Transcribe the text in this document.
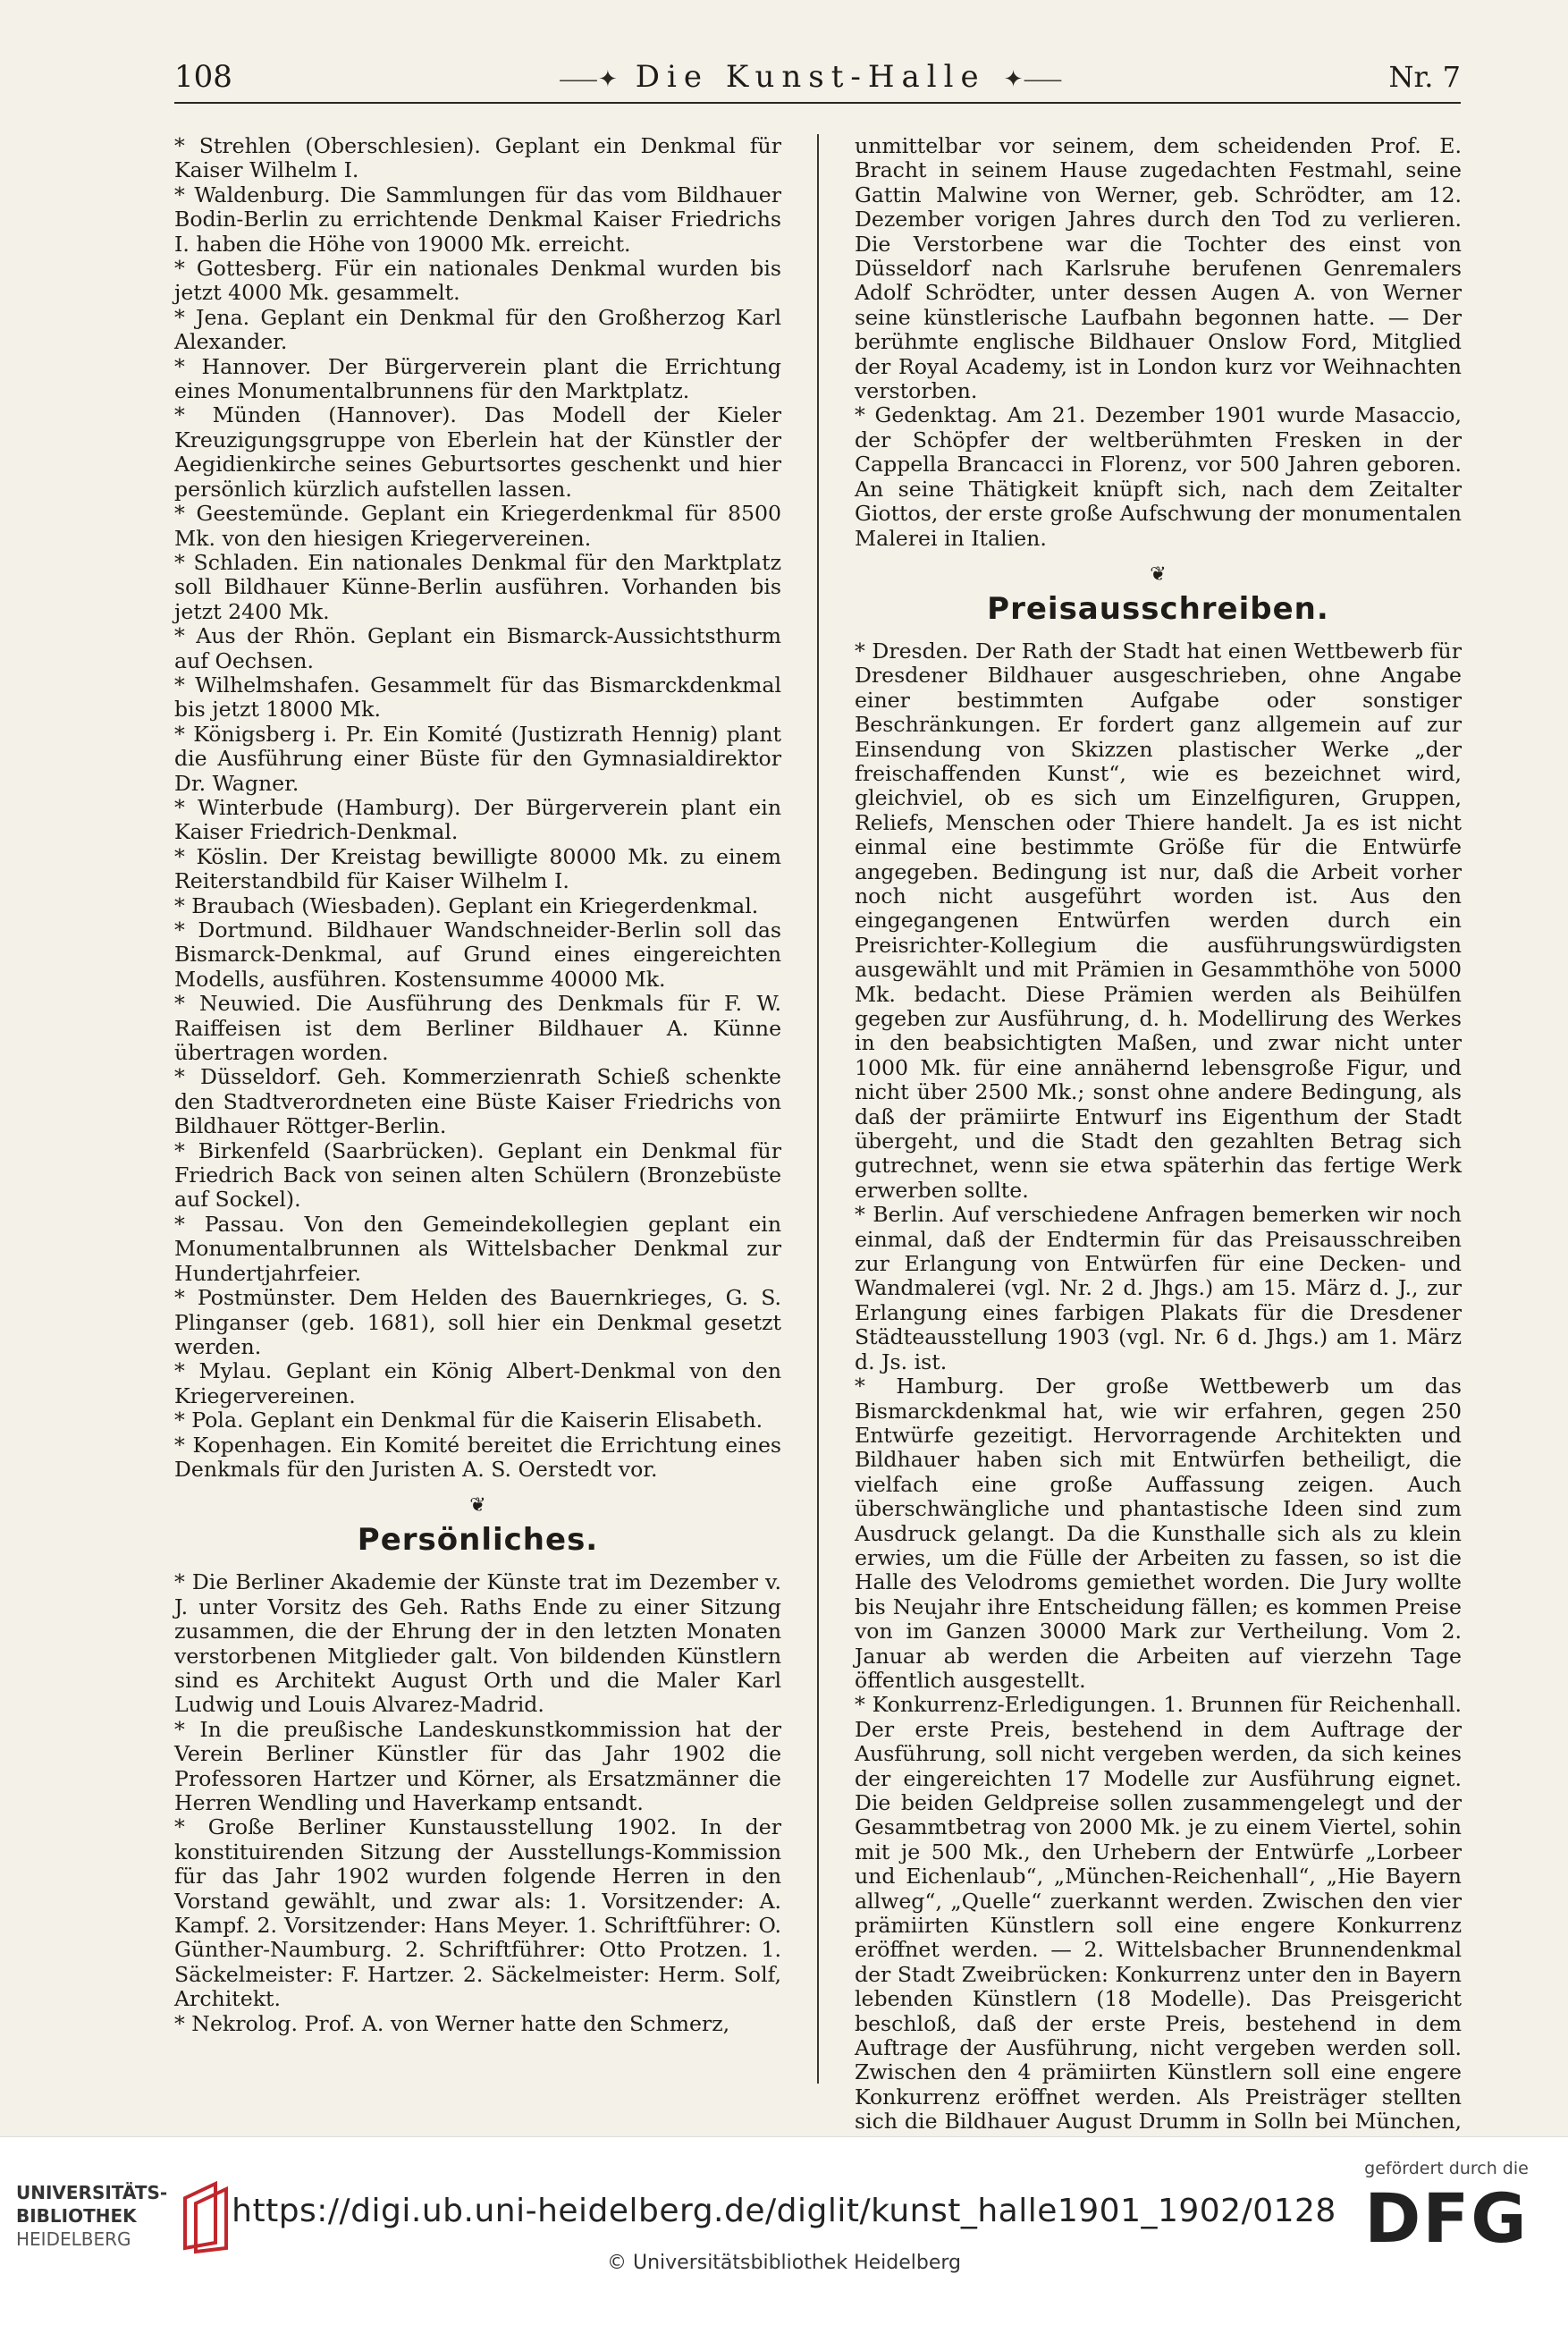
108	⸺✦ Die Kunst-Halle ✦⸺	Nr. 7

* Strehlen (Oberschlesien). Geplant ein Denkmal für Kaiser Wilhelm I.

* Waldenburg. Die Sammlungen für das vom Bildhauer Bodin-Berlin zu errichtende Denkmal Kaiser Friedrichs I. haben die Höhe von 19000 Mk. erreicht.

* Gottesberg. Für ein nationales Denkmal wurden bis jetzt 4000 Mk. gesammelt.

* Jena. Geplant ein Denkmal für den Großherzog Karl Alexander.

* Hannover. Der Bürgerverein plant die Errichtung eines Monumentalbrunnens für den Marktplatz.

* Münden (Hannover). Das Modell der Kieler Kreuzigungsgruppe von Eberlein hat der Künstler der Aegidienkirche seines Geburtsortes geschenkt und hier persönlich kürzlich aufstellen lassen.

* Geestemünde. Geplant ein Kriegerdenkmal für 8500 Mk. von den hiesigen Kriegervereinen.

* Schladen. Ein nationales Denkmal für den Marktplatz soll Bildhauer Künne-Berlin ausführen. Vorhanden bis jetzt 2400 Mk.

* Aus der Rhön. Geplant ein Bismarck-Aussichtsthurm auf Oechsen.

* Wilhelmshafen. Gesammelt für das Bismarckdenkmal bis jetzt 18000 Mk.

* Königsberg i. Pr. Ein Komité (Justizrath Hennig) plant die Ausführung einer Büste für den Gymnasialdirektor Dr. Wagner.

* Winterbude (Hamburg). Der Bürgerverein plant ein Kaiser Friedrich-Denkmal.

* Köslin. Der Kreistag bewilligte 80000 Mk. zu einem Reiterstandbild für Kaiser Wilhelm I.

* Braubach (Wiesbaden). Geplant ein Kriegerdenkmal.

* Dortmund. Bildhauer Wandschneider-Berlin soll das Bismarck-Denkmal, auf Grund eines eingereichten Modells, ausführen. Kostensumme 40000 Mk.

* Neuwied. Die Ausführung des Denkmals für F. W. Raiffeisen ist dem Berliner Bildhauer A. Künne übertragen worden.

* Düsseldorf. Geh. Kommerzienrath Schieß schenkte den Stadtverordneten eine Büste Kaiser Friedrichs von Bildhauer Röttger-Berlin.

* Birkenfeld (Saarbrücken). Geplant ein Denkmal für Friedrich Back von seinen alten Schülern (Bronzebüste auf Sockel).

* Passau. Von den Gemeindekollegien geplant ein Monumentalbrunnen als Wittelsbacher Denkmal zur Hundertjahrfeier.

* Postmünster. Dem Helden des Bauernkrieges, G. S. Plinganser (geb. 1681), soll hier ein Denkmal gesetzt werden.

* Mylau. Geplant ein König Albert-Denkmal von den Kriegervereinen.

* Pola. Geplant ein Denkmal für die Kaiserin Elisabeth.

* Kopenhagen. Ein Komité bereitet die Errichtung eines Denkmals für den Juristen A. S. Oerstedt vor.

❦
Persönliches.

* Die Berliner Akademie der Künste trat im Dezember v. J. unter Vorsitz des Geh. Raths Ende zu einer Sitzung zusammen, die der Ehrung der in den letzten Monaten verstorbenen Mitglieder galt. Von bildenden Künstlern sind es Architekt August Orth und die Maler Karl Ludwig und Louis Alvarez-Madrid.

* In die preußische Landeskunstkommission hat der Verein Berliner Künstler für das Jahr 1902 die Professoren Hartzer und Körner, als Ersatzmänner die Herren Wendling und Haverkamp entsandt.

* Große Berliner Kunstausstellung 1902. In der konstituirenden Sitzung der Ausstellungs-Kommission für das Jahr 1902 wurden folgende Herren in den Vorstand gewählt, und zwar als: 1. Vorsitzender: A. Kampf. 2. Vorsitzender: Hans Meyer. 1. Schriftführer: O. Günther-Naumburg. 2. Schriftführer: Otto Protzen. 1. Säckelmeister: F. Hartzer. 2. Säckelmeister: Herm. Solf, Architekt.

* Nekrolog. Prof. A. von Werner hatte den Schmerz,

unmittelbar vor seinem, dem scheidenden Prof. E. Bracht in seinem Hause zugedachten Festmahl, seine Gattin Malwine von Werner, geb. Schrödter, am 12. Dezember vorigen Jahres durch den Tod zu verlieren. Die Verstorbene war die Tochter des einst von Düsseldorf nach Karlsruhe berufenen Genremalers Adolf Schrödter, unter dessen Augen A. von Werner seine künstlerische Laufbahn begonnen hatte. — Der berühmte englische Bildhauer Onslow Ford, Mitglied der Royal Academy, ist in London kurz vor Weihnachten verstorben.

* Gedenktag. Am 21. Dezember 1901 wurde Masaccio, der Schöpfer der weltberühmten Fresken in der Cappella Brancacci in Florenz, vor 500 Jahren geboren. An seine Thätigkeit knüpft sich, nach dem Zeitalter Giottos, der erste große Aufschwung der monumentalen Malerei in Italien.

❦
Preisausschreiben.

* Dresden. Der Rath der Stadt hat einen Wettbewerb für Dresdener Bildhauer ausgeschrieben, ohne Angabe einer bestimmten Aufgabe oder sonstiger Beschränkungen. Er fordert ganz allgemein auf zur Einsendung von Skizzen plastischer Werke „der freischaffenden Kunst“, wie es bezeichnet wird, gleichviel, ob es sich um Einzelfiguren, Gruppen, Reliefs, Menschen oder Thiere handelt. Ja es ist nicht einmal eine bestimmte Größe für die Entwürfe angegeben. Bedingung ist nur, daß die Arbeit vorher noch nicht ausgeführt worden ist. Aus den eingegangenen Entwürfen werden durch ein Preisrichter-Kollegium die ausführungswürdigsten ausgewählt und mit Prämien in Gesammthöhe von 5000 Mk. bedacht. Diese Prämien werden als Beihülfen gegeben zur Ausführung, d. h. Modellirung des Werkes in den beabsichtigten Maßen, und zwar nicht unter 1000 Mk. für eine annähernd lebensgroße Figur, und nicht über 2500 Mk.; sonst ohne andere Bedingung, als daß der prämiirte Entwurf ins Eigenthum der Stadt übergeht, und die Stadt den gezahlten Betrag sich gutrechnet, wenn sie etwa späterhin das fertige Werk erwerben sollte.

* Berlin. Auf verschiedene Anfragen bemerken wir noch einmal, daß der Endtermin für das Preisausschreiben zur Erlangung von Entwürfen für eine Decken- und Wandmalerei (vgl. Nr. 2 d. Jhgs.) am 15. März d. J., zur Erlangung eines farbigen Plakats für die Dresdener Städteausstellung 1903 (vgl. Nr. 6 d. Jhgs.) am 1. März d. Js. ist.

* Hamburg. Der große Wettbewerb um das Bismarckdenkmal hat, wie wir erfahren, gegen 250 Entwürfe gezeitigt. Hervorragende Architekten und Bildhauer haben sich mit Entwürfen betheiligt, die vielfach eine große Auffassung zeigen. Auch überschwängliche und phantastische Ideen sind zum Ausdruck gelangt. Da die Kunsthalle sich als zu klein erwies, um die Fülle der Arbeiten zu fassen, so ist die Halle des Velodroms gemiethet worden. Die Jury wollte bis Neujahr ihre Entscheidung fällen; es kommen Preise von im Ganzen 30000 Mark zur Vertheilung. Vom 2. Januar ab werden die Arbeiten auf vierzehn Tage öffentlich ausgestellt.

* Konkurrenz-Erledigungen. 1. Brunnen für Reichenhall. Der erste Preis, bestehend in dem Auftrage der Ausführung, soll nicht vergeben werden, da sich keines der eingereichten 17 Modelle zur Ausführung eignet. Die beiden Geldpreise sollen zusammengelegt und der Gesammtbetrag von 2000 Mk. je zu einem Viertel, sohin mit je 500 Mk., den Urhebern der Entwürfe „Lorbeer und Eichenlaub“, „München-Reichenhall“, „Hie Bayern allweg“, „Quelle“ zuerkannt werden. Zwischen den vier prämiirten Künstlern soll eine engere Konkurrenz eröffnet werden. — 2. Wittelsbacher Brunnendenkmal der Stadt Zweibrücken: Konkurrenz unter den in Bayern lebenden Künstlern (18 Modelle). Das Preisgericht beschloß, daß der erste Preis, bestehend in dem Auftrage der Ausführung, nicht vergeben werden soll. Zwischen den 4 prämiirten Künstlern soll eine engere Konkurrenz eröffnet werden. Als Preisträger stellten sich die Bildhauer August Drumm in Solln bei München,

UNIVERSITÄTS-
BIBLIOTHEK
HEIDELBERG
https://digi.ub.uni-heidelberg.de/diglit/kunst_halle1901_1902/0128
© Universitätsbibliothek Heidelberg
gefördert durch die
DFG
